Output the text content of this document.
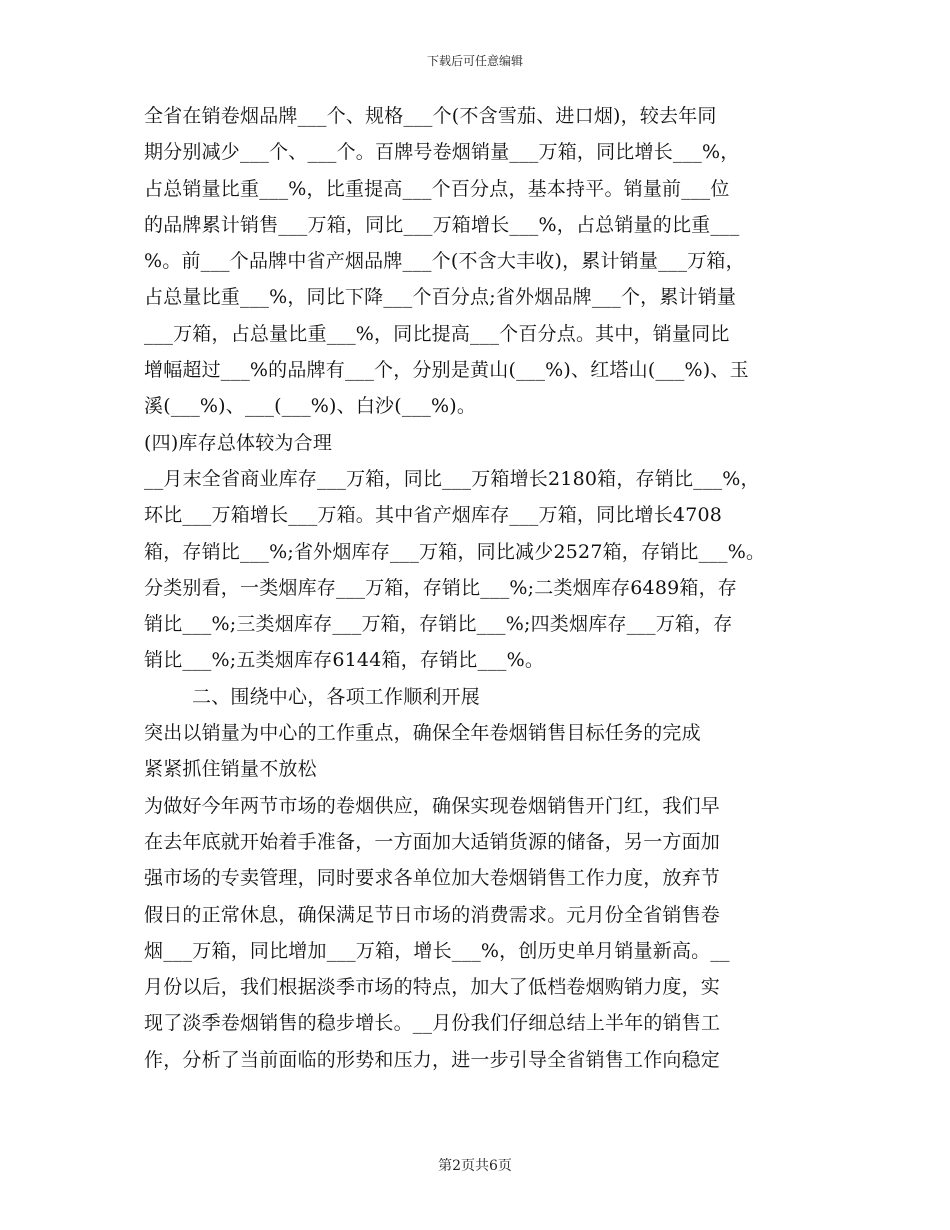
下载后可任意编辑
全省在销卷烟品牌___个、规格___个(不含雪茄、进口烟)，较去年同
期分别减少___个、___个。百牌号卷烟销量___万箱，同比增长___%，
占总销量比重___%，比重提高___个百分点，基本持平。销量前___位
的品牌累计销售___万箱，同比___万箱增长___%，占总销量的比重___
%。前___个品牌中省产烟品牌___个(不含大丰收)，累计销量___万箱，
占总量比重___%，同比下降___个百分点;省外烟品牌___个，累计销量
___万箱，占总量比重___%，同比提高___个百分点。其中，销量同比
增幅超过___%的品牌有___个，分别是黄山(___%)、红塔山(___%)、玉
溪(___%)、___(___%)、白沙(___%)。
(四)库存总体较为合理
__月末全省商业库存___万箱，同比___万箱增长2180箱，存销比___%，
环比___万箱增长___万箱。其中省产烟库存___万箱，同比增长4708
箱，存销比___%;省外烟库存___万箱，同比减少2527箱，存销比___%。
分类别看，一类烟库存___万箱，存销比___%;二类烟库存6489箱，存
销比___%;三类烟库存___万箱，存销比___%;四类烟库存___万箱，存
销比___%;五类烟库存6144箱，存销比___%。
二、围绕中心，各项工作顺利开展
突出以销量为中心的工作重点，确保全年卷烟销售目标任务的完成
紧紧抓住销量不放松
为做好今年两节市场的卷烟供应，确保实现卷烟销售开门红，我们早
在去年底就开始着手准备，一方面加大适销货源的储备，另一方面加
强市场的专卖管理，同时要求各单位加大卷烟销售工作力度，放弃节
假日的正常休息，确保满足节日市场的消费需求。元月份全省销售卷
烟___万箱，同比增加___万箱，增长___%，创历史单月销量新高。__
月份以后，我们根据淡季市场的特点，加大了低档卷烟购销力度，实
现了淡季卷烟销售的稳步增长。__月份我们仔细总结上半年的销售工
作，分析了当前面临的形势和压力，进一步引导全省销售工作向稳定
第2页共6页
